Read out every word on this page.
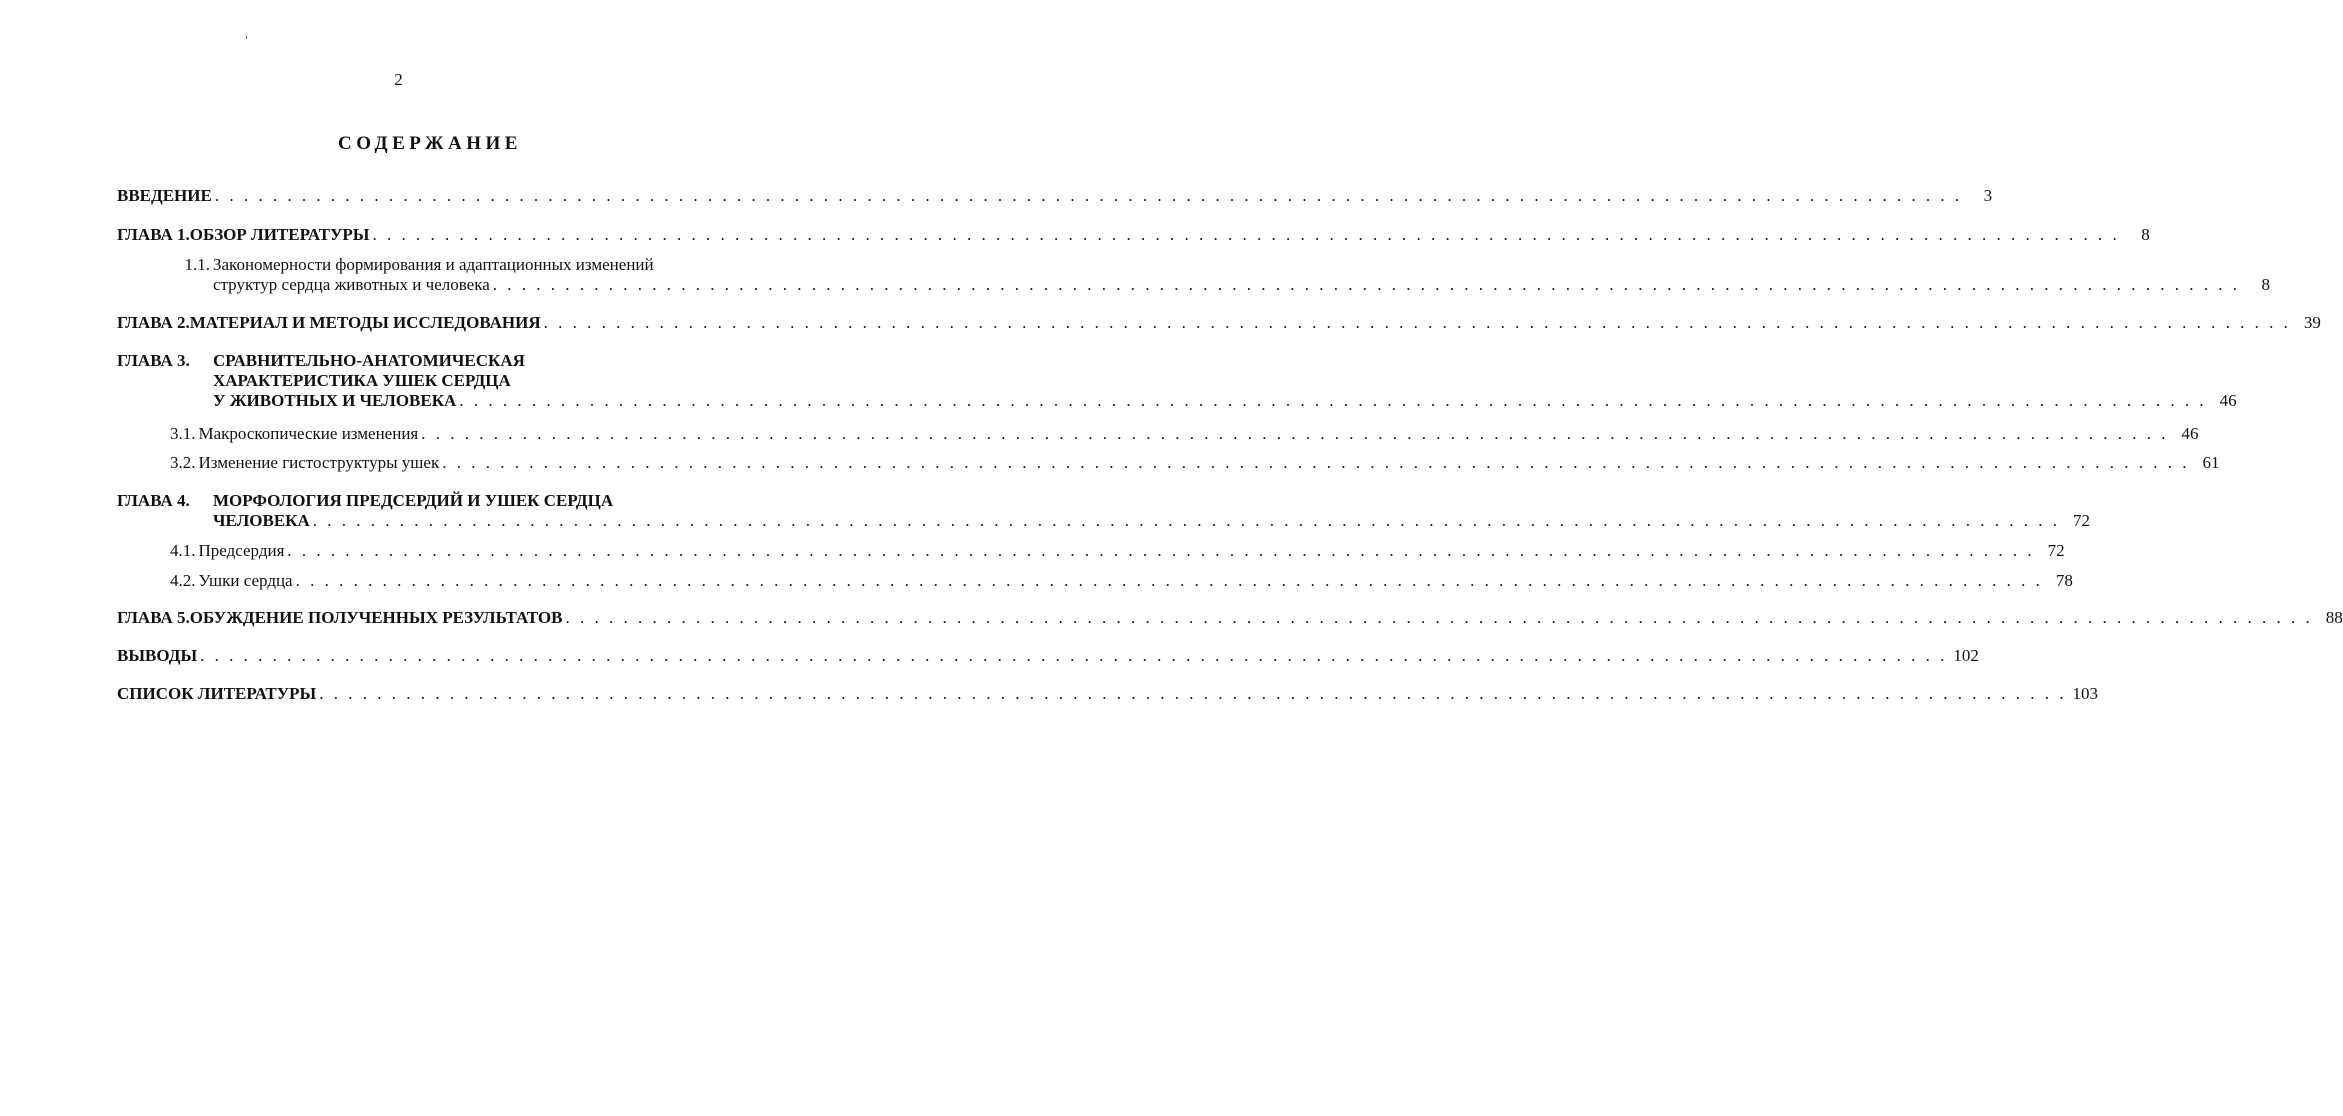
2
СОДЕРЖАНИЕ
ВВЕДЕНИЕ . . .	3
ГЛАВА 1. ОБЗОР ЛИТЕРАТУРЫ . . .	8
1.1. Закономерности формирования и адаптационных изменений
структур сердца животных и человека . . .	8
ГЛАВА 2. МАТЕРИАЛ И МЕТОДЫ ИССЛЕДОВАНИЯ . . .	39
ГЛАВА 3.	СРАВНИТЕЛЬНО-АНАТОМИЧЕСКАЯ
ХАРАКТЕРИСТИКА УШЕК СЕРДЦА
У ЖИВОТНЫХ И ЧЕЛОВЕКА . . .	46
3.1. Макроскопические изменения . . .	46
3.2. Изменение гистоструктуры ушек . . .	61
ГЛАВА 4.	МОРФОЛОГИЯ ПРЕДСЕРДИЙ И УШЕК СЕРДЦА
ЧЕЛОВЕКА . . .	72
4.1. Предсердия . . .	72
4.2. Ушки сердца . . .	78
ГЛАВА 5. ОБУЖДЕНИЕ ПОЛУЧЕННЫХ РЕЗУЛЬТАТОВ . . .	88
ВЫВОДЫ . . .	102
СПИСОК ЛИТЕРАТУРЫ . . .	103
